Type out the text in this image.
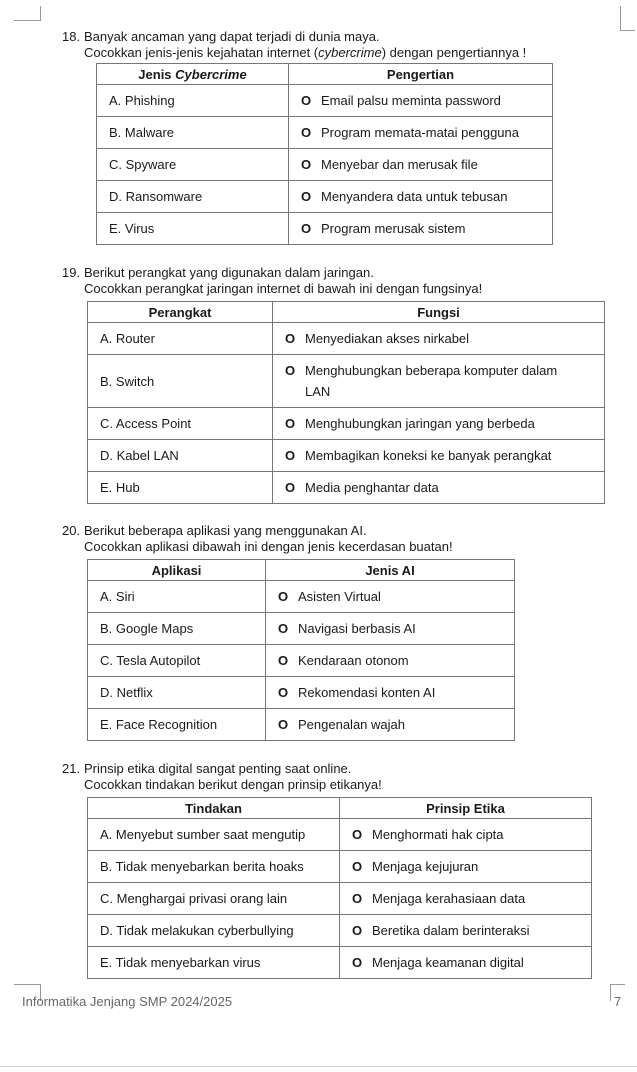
18. Banyak ancaman yang dapat terjadi di dunia maya.
Cocokkan jenis-jenis kejahatan internet (cybercrime) dengan pengertiannya !
Jenis Cybercrime	Pengertian
A. Phishing	O Email palsu meminta password
B. Malware	O Program mematа-matai pengguna
C. Spyware	O Menyebar dan merusak file
D. Ransomware	O Menyandera data untuk tebusan
E. Virus	O Program merusak sistem
19. Berikut perangkat yang digunakan dalam jaringan.
Cocokkan perangkat jaringan internet di bawah ini dengan fungsinya!
Perangkat	Fungsi
A. Router	O Menyediakan akses nirkabel
B. Switch	O Menghubungkan beberapa komputer dalam
LAN
C. Access Point	O Menghubungkan jaringan yang berbeda
D. Kabel LAN	O Membagikan koneksi ke banyak perangkat
E. Hub	O Media penghantar data
20. Berikut beberapa aplikasi yang menggunakan AI.
Cocokkan aplikasi dibawah ini dengan jenis kecerdasan buatan!
Aplikasi	Jenis AI
A. Siri	O Asisten Virtual
B. Google Maps	O Navigasi berbasis AI
C. Tesla Autopilot	O Kendaraan otonom
D. Netflix	O Rekomendasi konten AI
E. Face Recognition	O Pengenalan wajah
21. Prinsip etika digital sangat penting saat online.
Cocokkan tindakan berikut dengan prinsip etikanya!
Tindakan	Prinsip Etika
A. Menyebut sumber saat mengutip	O Menghormati hak cipta
B. Tidak menyebarkan berita hoaks	O Menjaga kejujuran
C. Menghargai privasi orang lain	O Menjaga kerahasiaan data
D. Tidak melakukan cyberbullying	O Beretika dalam berinteraksi
E. Tidak menyebarkan virus	O Menjaga keamanan digital
Informatika Jenjang SMP 2024/2025	7
